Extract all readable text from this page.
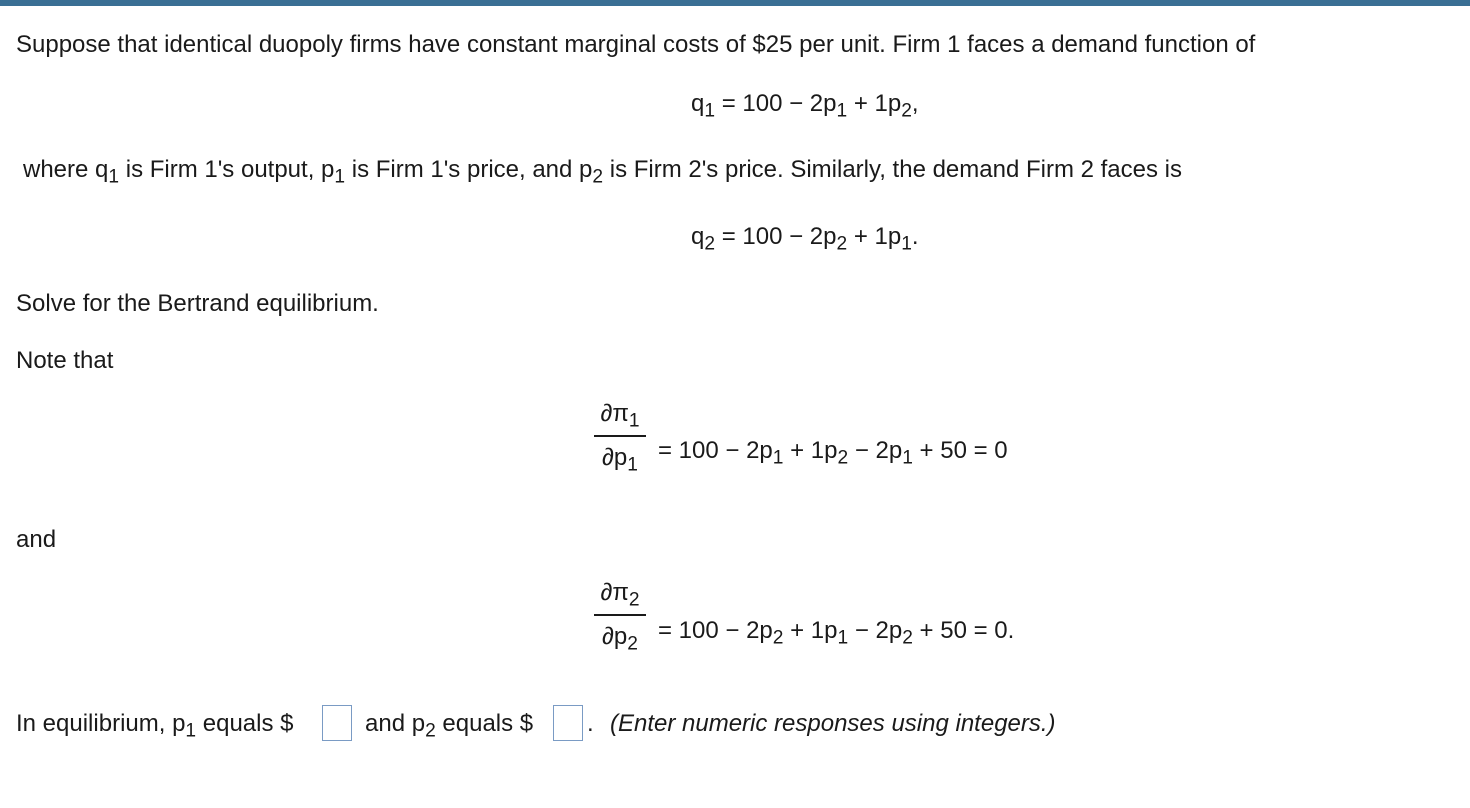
Suppose that identical duopoly firms have constant marginal costs of $25 per unit. Firm 1 faces a demand function of
$q_1 = 100 - 2p_1 + 1p_2$,
where $q_1$ is Firm 1's output, $p_1$ is Firm 1's price, and $p_2$ is Firm 2's price. Similarly, the demand Firm 2 faces is
$q_2 = 100 - 2p_2 + 1p_1$.
Solve for the Bertrand equilibrium.
Note that
$\partial\pi_1$
$\partial p_1$
= $100 - 2p_1 + 1p_2 - 2p_1 + 50 = 0$
and
$\partial\pi_2$
$\partial p_2 = 100 - 2p_2 + 1p_1 - 2p_2 + 50 = 0$.
In equilibrium, $p_1$ equals $	and $p_2$ equals $ . (Enter numeric responses using integers.)
